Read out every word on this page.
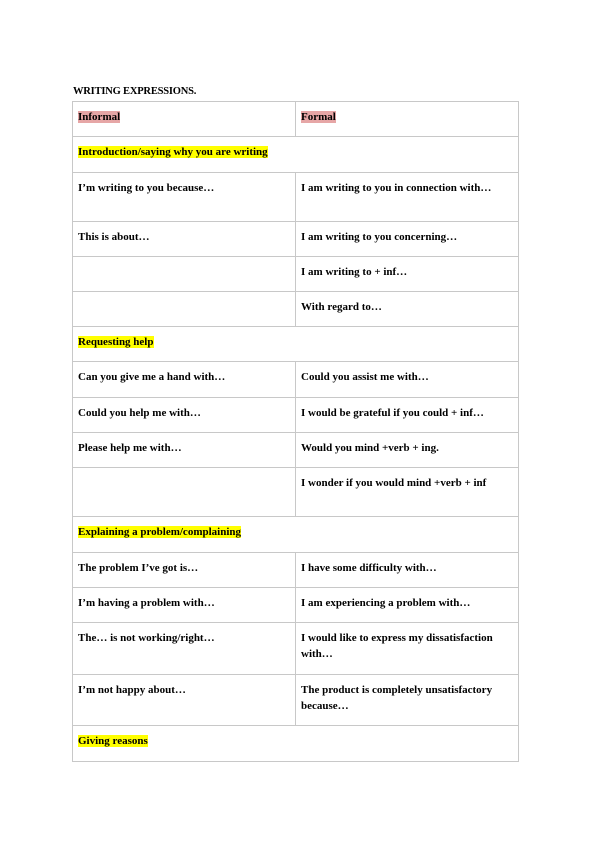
WRITING EXPRESSIONS.
Informal	Formal
Introduction/saying why you are writing	
I’m writing to you because…	I am writing to you in connection with…
This is about…	I am writing to you concerning…
	I am writing to + inf…
	With regard to…
Requesting help	
Can you give me a hand with…	Could you assist me with…
Could you help me with…	I would be grateful if you could + inf…
Please help me with…	Would you mind +verb + ing.
	I wonder if you would mind +verb + inf
Explaining a problem/complaining	
The problem I’ve got is…	I have some difficulty with…
I’m having a problem with…	I am experiencing a problem with…
The… is not working/right…	I would like to express my dissatisfaction with…
I’m not happy about…	The product is completely unsatisfactory because…
Giving reasons	
